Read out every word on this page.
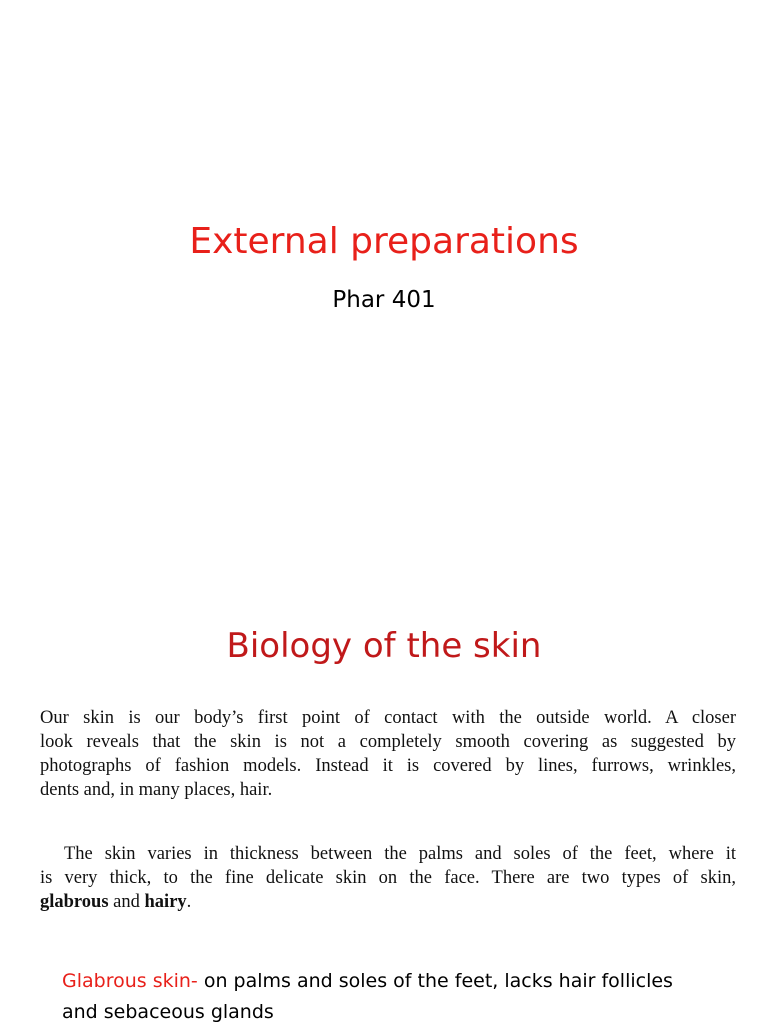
External preparations
Phar 401
Biology of the skin
Our skin is our body’s first point of contact with the outside world. A closer
look reveals that the skin is not a completely smooth covering as suggested by
photographs of fashion models. Instead it is covered by lines, furrows, wrinkles,
dents and, in many places, hair.
The skin varies in thickness between the palms and soles of the feet, where it
is very thick, to the fine delicate skin on the face. There are two types of skin,
glabrous and hairy.
Glabrous skin- on palms and soles of the feet, lacks hair follicles and sebaceous glands
